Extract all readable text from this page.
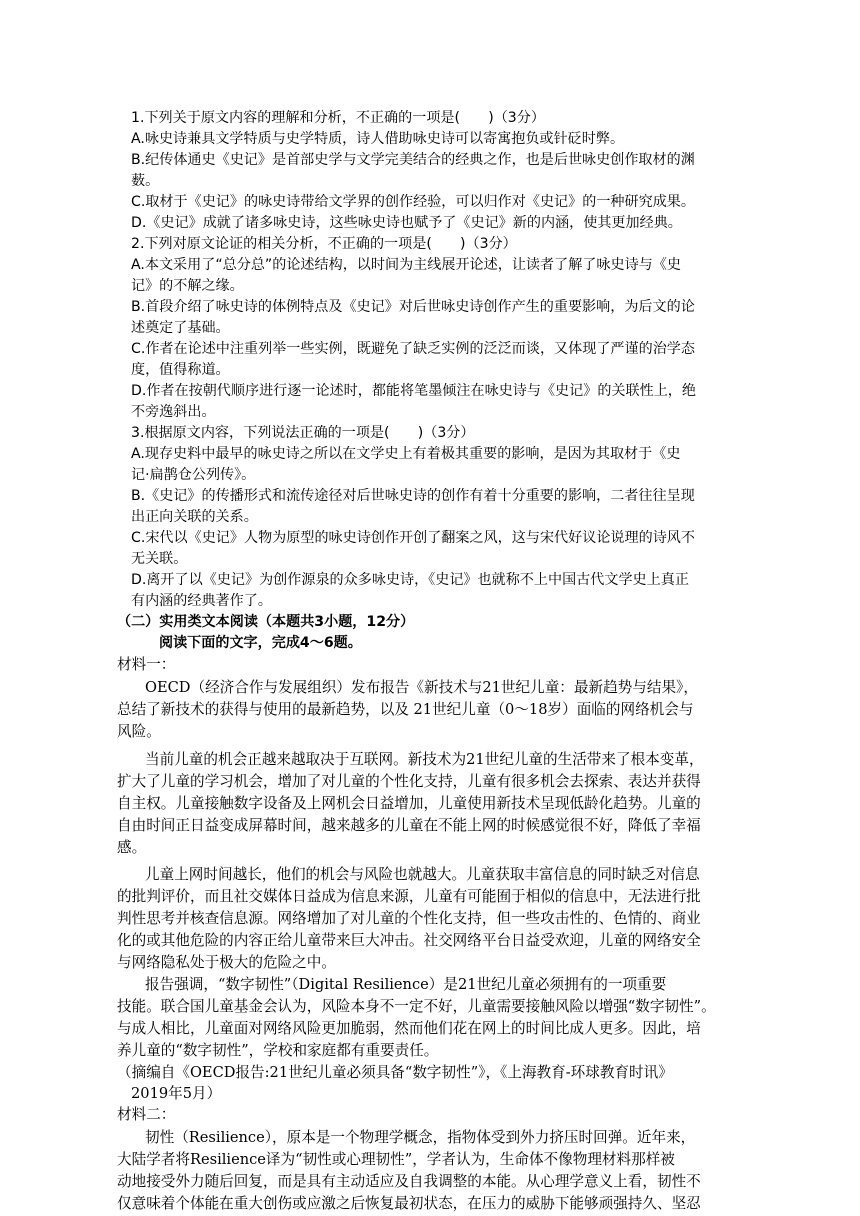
1.下列关于原文内容的理解和分析，不正确的一项是(　　)（3分）
A.咏史诗兼具文学特质与史学特质，诗人借助咏史诗可以寄寓抱负或针砭时弊。
B.纪传体通史《史记》是首部史学与文学完美结合的经典之作，也是后世咏史创作取材的渊
薮。
C.取材于《史记》的咏史诗带给文学界的创作经验，可以归作对《史记》的一种研究成果。
D.《史记》成就了诸多咏史诗，这些咏史诗也赋予了《史记》新的内涵，使其更加经典。
2.下列对原文论证的相关分析，不正确的一项是(　　)（3分）
A.本文采用了“总分总”的论述结构，以时间为主线展开论述，让读者了解了咏史诗与《史
记》的不解之缘。
B.首段介绍了咏史诗的体例特点及《史记》对后世咏史诗创作产生的重要影响，为后文的论
述奠定了基础。
C.作者在论述中注重列举一些实例，既避免了缺乏实例的泛泛而谈，又体现了严谨的治学态
度，值得称道。
D.作者在按朝代顺序进行逐一论述时，都能将笔墨倾注在咏史诗与《史记》的关联性上，绝
不旁逸斜出。
3.根据原文内容，下列说法正确的一项是(　　)（3分）
A.现存史料中最早的咏史诗之所以在文学史上有着极其重要的影响，是因为其取材于《史
记·扁鹊仓公列传》。
B.《史记》的传播形式和流传途径对后世咏史诗的创作有着十分重要的影响，二者往往呈现
出正向关联的关系。
C.宋代以《史记》人物为原型的咏史诗创作开创了翻案之风，这与宋代好议论说理的诗风不
无关联。
D.离开了以《史记》为创作源泉的众多咏史诗，《史记》也就称不上中国古代文学史上真正
有内涵的经典著作了。
（二）实用类文本阅读（本题共3小题，12分）
阅读下面的文字，完成4～6题。
材料一：
OECD（经济合作与发展组织）发布报告《新技术与21世纪儿童：最新趋势与结果》，
总结了新技术的获得与使用的最新趋势，以及 21世纪儿童（0～18岁）面临的网络机会与
风险。
当前儿童的机会正越来越取决于互联网。新技术为21世纪儿童的生活带来了根本变革，
扩大了儿童的学习机会，增加了对儿童的个性化支持，儿童有很多机会去探索、表达并获得
自主权。儿童接触数字设备及上网机会日益增加，儿童使用新技术呈现低龄化趋势。儿童的
自由时间正日益变成屏幕时间，越来越多的儿童在不能上网的时候感觉很不好，降低了幸福
感。
儿童上网时间越长，他们的机会与风险也就越大。儿童获取丰富信息的同时缺乏对信息
的批判评价，而且社交媒体日益成为信息来源，儿童有可能囿于相似的信息中，无法进行批
判性思考并核查信息源。网络增加了对儿童的个性化支持，但一些攻击性的、色情的、商业
化的或其他危险的内容正给儿童带来巨大冲击。社交网络平台日益受欢迎，儿童的网络安全
与网络隐私处于极大的危险之中。
报告强调，“数字韧性”（Digital Resilience）是21世纪儿童必须拥有的一项重要
技能。联合国儿童基金会认为，风险本身不一定不好，儿童需要接触风险以增强“数字韧性”。
与成人相比，儿童面对网络风险更加脆弱，然而他们花在网上的时间比成人更多。因此，培
养儿童的“数字韧性”，学校和家庭都有重要责任。
（摘编自《OECD报告:21世纪儿童必须具备“数字韧性”》，《上海教育-环球教育时讯》
2019年5月）
材料二：
韧性（Resilience），原本是一个物理学概念，指物体受到外力挤压时回弹。近年来，
大陆学者将Resilience译为“韧性或心理韧性”，学者认为，生命体不像物理材料那样被
动地接受外力随后回复，而是具有主动适应及自我调整的本能。从心理学意义上看，韧性不
仅意味着个体能在重大创伤或应激之后恢复最初状态，在压力的威胁下能够顽强持久、坚忍
